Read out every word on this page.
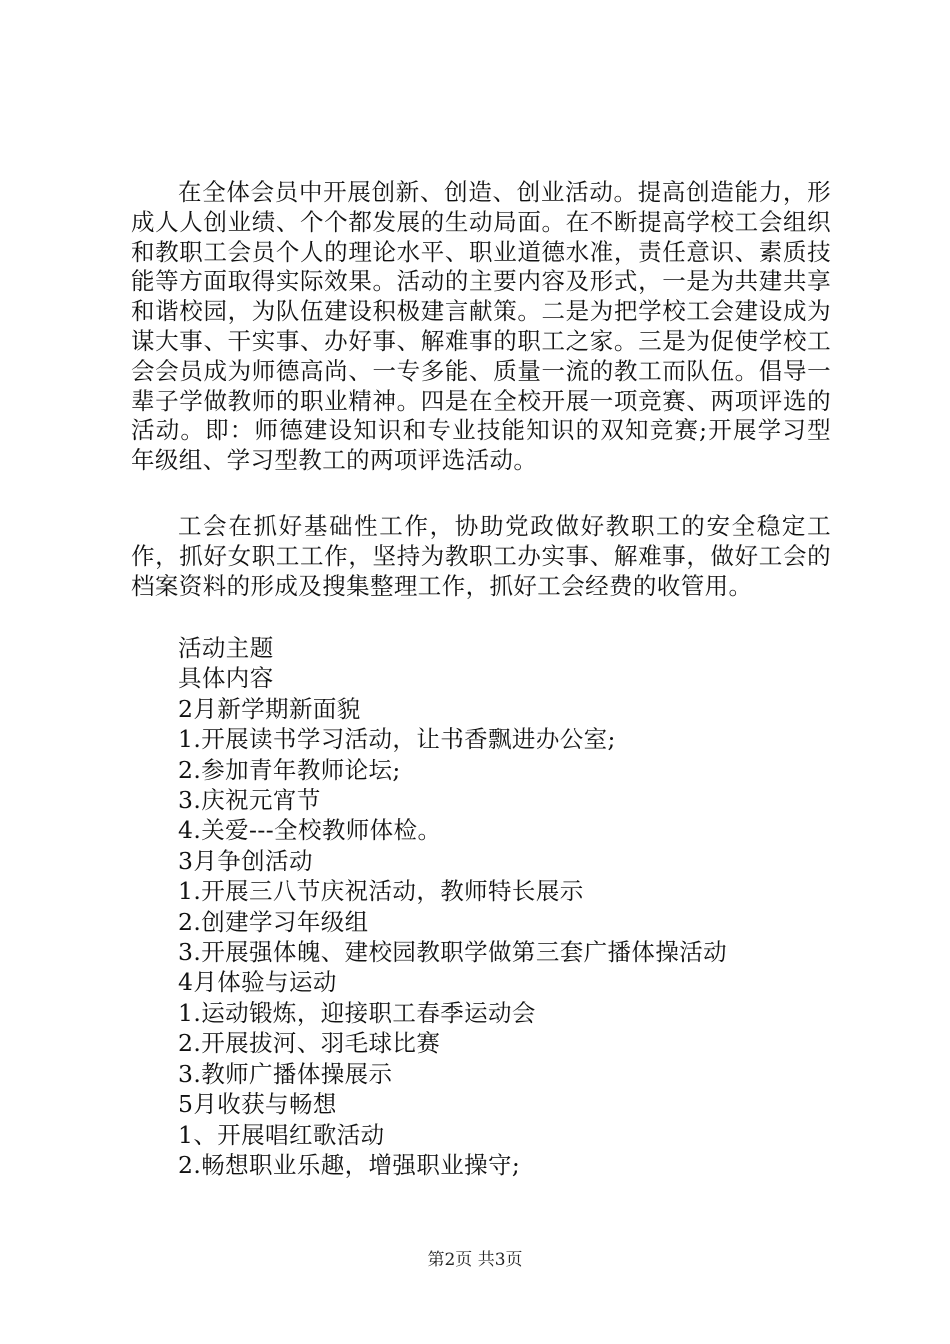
在全体会员中开展创新、创造、创业活动。提高创造能力，形成人人创业绩、个个都发展的生动局面。在不断提高学校工会组织和教职工会员个人的理论水平、职业道德水准，责任意识、素质技能等方面取得实际效果。活动的主要内容及形式，一是为共建共享和谐校园，为队伍建设积极建言献策。二是为把学校工会建设成为谋大事、干实事、办好事、解难事的职工之家。三是为促使学校工会会员成为师德高尚、一专多能、质量一流的教工而队伍。倡导一辈子学做教师的职业精神。四是在全校开展一项竞赛、两项评选的活动。即：师德建设知识和专业技能知识的双知竞赛;开展学习型年级组、学习型教工的两项评选活动。

工会在抓好基础性工作，协助党政做好教职工的安全稳定工作，抓好女职工工作，坚持为教职工办实事、解难事，做好工会的档案资料的形成及搜集整理工作，抓好工会经费的收管用。

活动主题
具体内容
2月新学期新面貌
1.开展读书学习活动，让书香飘进办公室;
2.参加青年教师论坛;
3.庆祝元宵节
4.关爱---全校教师体检。
3月争创活动
1.开展三八节庆祝活动，教师特长展示
2.创建学习年级组
3.开展强体魄、建校园教职学做第三套广播体操活动
4月体验与运动
1.运动锻炼，迎接职工春季运动会
2.开展拔河、羽毛球比赛
3.教师广播体操展示
5月收获与畅想
1、开展唱红歌活动
2.畅想职业乐趣，增强职业操守;
第2页 共3页
